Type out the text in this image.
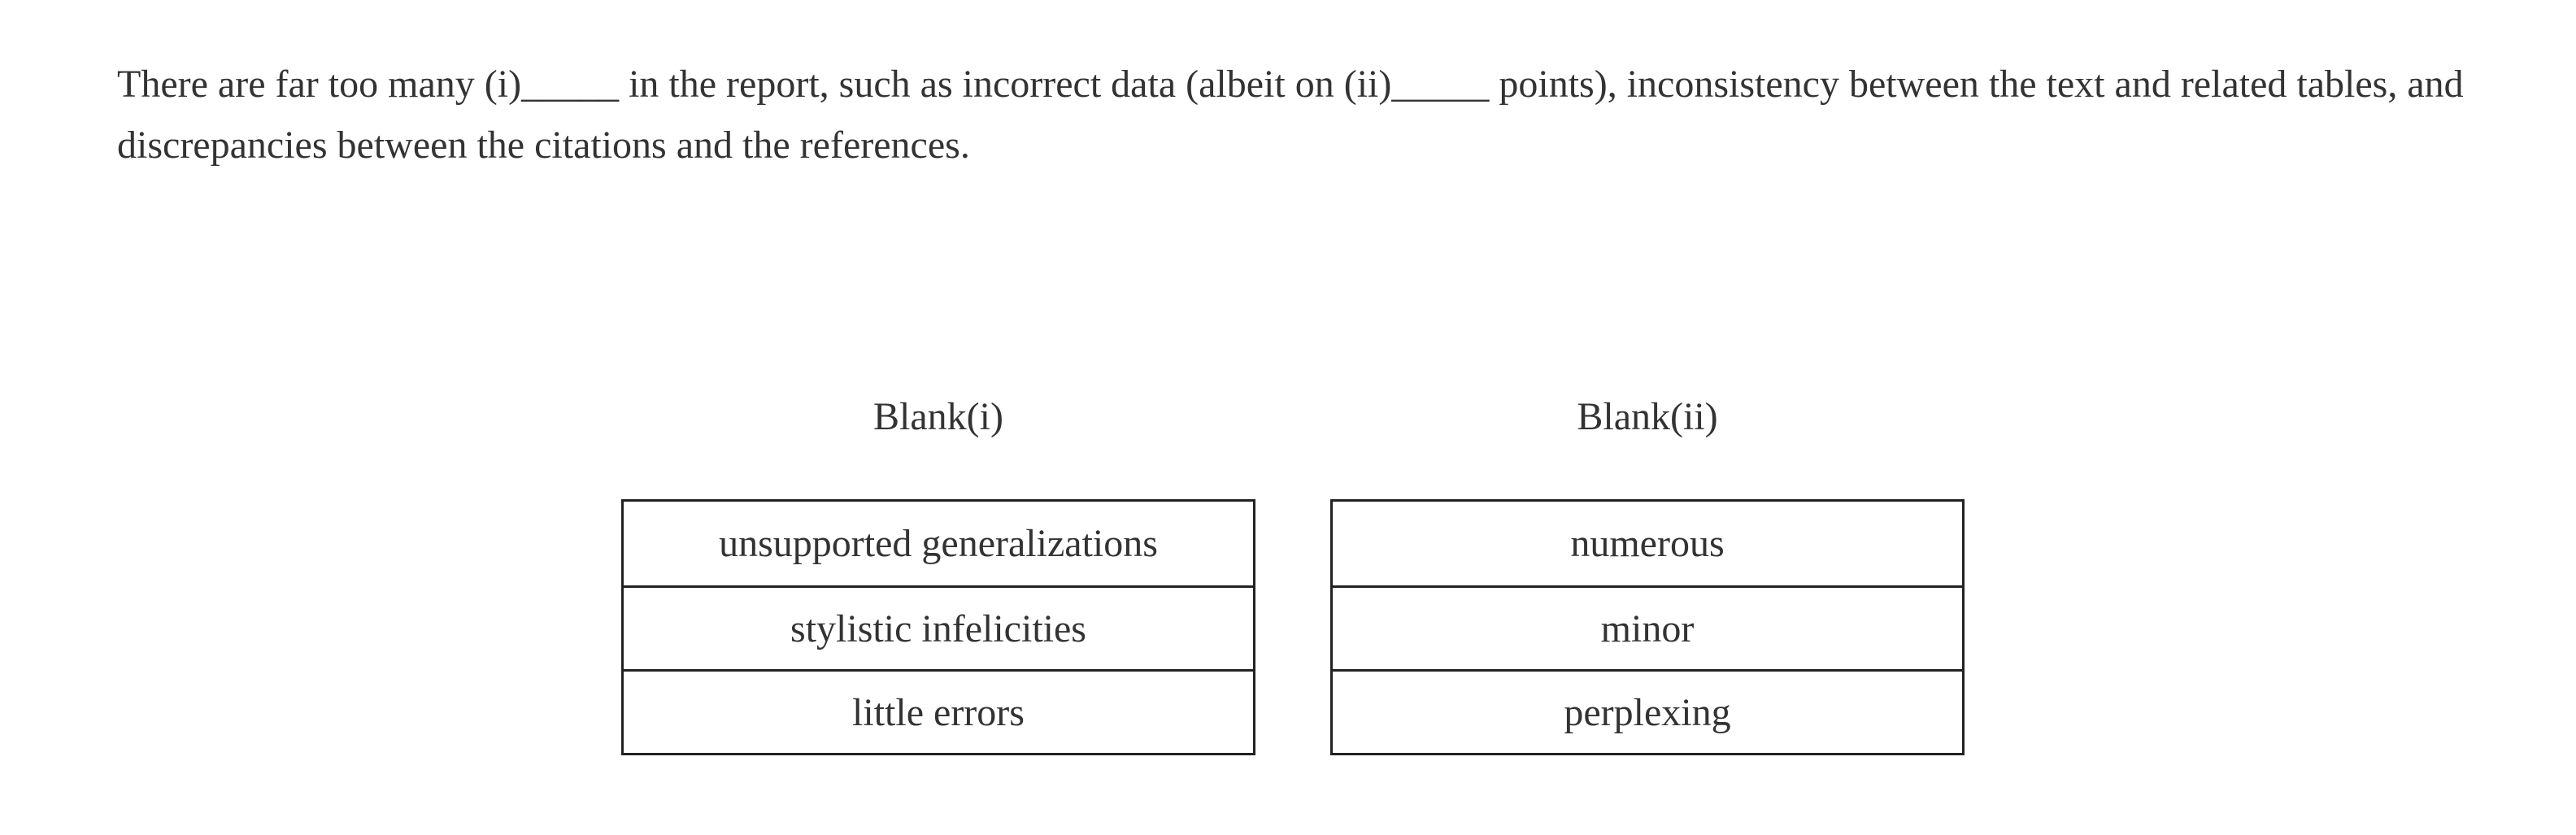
There are far too many (i)_____ in the report, such as incorrect data (albeit on (ii)_____ points), inconsistency between the text and related tables, and discrepancies between the citations and the references.

Blank(i)
unsupported generalizations
stylistic infelicities
little errors
Blank(ii)
numerous
minor
perplexing
